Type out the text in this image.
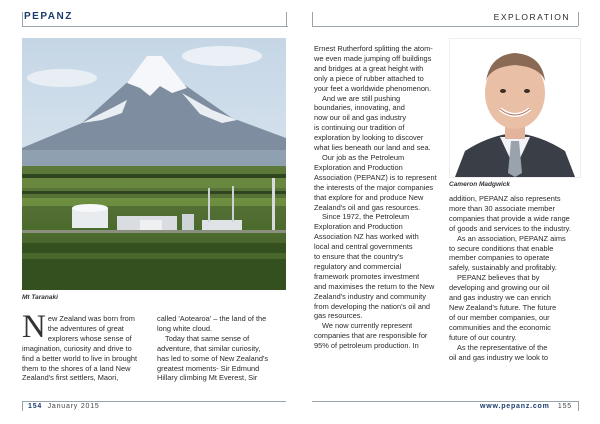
PEPANZ	EXPLORATION
Mt Taranaki
N ew Zealand was born from

the adventures of great

explorers whose sense of

imagination, curiosity and drive to

find a better world to live in brought

them to the shores of a land New

Zealand's first settlers, Maori,

called 'Aotearoa' – the land of the

long white cloud.

Today that same sense of

adventure, that similar curiosity,

has led to some of New Zealand's

greatest moments- Sir Edmund

Hillary climbing Mt Everest, Sir

Ernest Rutherford splitting the atom-

we even made jumping off buildings

and bridges at a great height with

only a piece of rubber attached to

your feet a worldwide phenomenon.

And we are still pushing

boundaries, innovating, and

now our oil and gas industry

is continuing our tradition of

exploration by looking to discover

what lies beneath our land and sea.

Our job as the Petroleum

Exploration and Production

Association (PEPANZ) is to represent

the interests of the major companies

that explore for and produce New

Zealand's oil and gas resources.

Since 1972, the Petroleum

Exploration and Production

Association NZ has worked with

local and central governments

to ensure that the country's

regulatory and commercial

framework promotes investment

and maximises the return to the New

Zealand's industry and community

from developing the nation's oil and

gas resources.

We now currently represent

companies that are responsible for

95% of petroleum production. In

Cameron Madgwick

addition, PEPANZ also represents

more than 30 associate member

companies that provide a wide range

of goods and services to the industry.

As an association, PEPANZ aims

to secure conditions that enable

member companies to operate

safely, sustainably and profitably.

PEPANZ believes that by

developing and growing our oil

and gas industry we can enrich

New Zealand's future. The future

of our member companies, our

communities and the economic

future of our country.

As the representative of the

oil and gas industry we look to

154 January 2015	www.pepanz.com 155
